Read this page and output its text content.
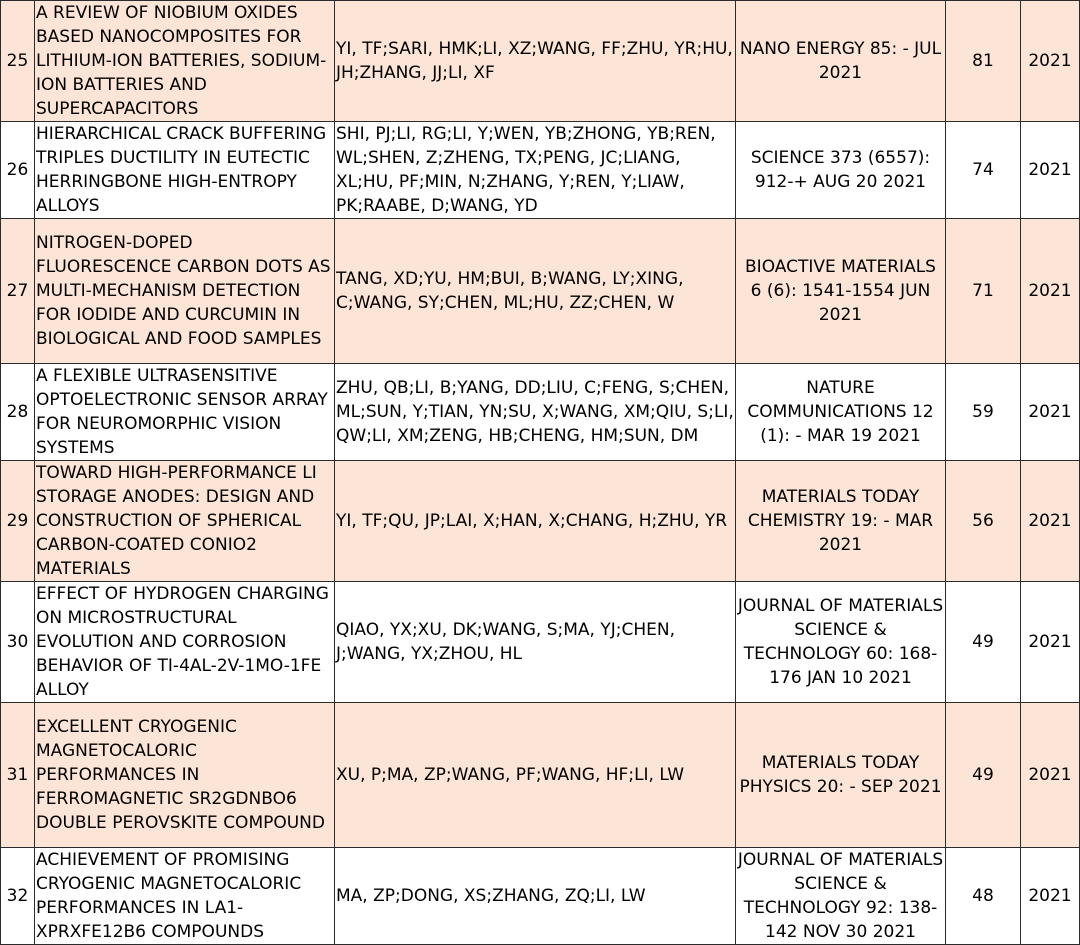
25	A REVIEW OF NIOBIUM OXIDES BASED NANOCOMPOSITES FOR LITHIUM-ION BATTERIES, SODIUM-ION BATTERIES AND SUPERCAPACITORS	YI, TF;SARI, HMK;LI, XZ;WANG, FF;ZHU, YR;HU, JH;ZHANG, JJ;LI, XF	NANO ENERGY 85: - JUL 2021	81	2021
26	HIERARCHICAL CRACK BUFFERING TRIPLES DUCTILITY IN EUTECTIC HERRINGBONE HIGH-ENTROPY ALLOYS	SHI, PJ;LI, RG;LI, Y;WEN, YB;ZHONG, YB;REN, WL;SHEN, Z;ZHENG, TX;PENG, JC;LIANG, XL;HU, PF;MIN, N;ZHANG, Y;REN, Y;LIAW, PK;RAABE, D;WANG, YD	SCIENCE 373 (6557): 912-+ AUG 20 2021	74	2021
27	NITROGEN-DOPED FLUORESCENCE CARBON DOTS AS MULTI-MECHANISM DETECTION FOR IODIDE AND CURCUMIN IN BIOLOGICAL AND FOOD SAMPLES	TANG, XD;YU, HM;BUI, B;WANG, LY;XING, C;WANG, SY;CHEN, ML;HU, ZZ;CHEN, W	BIOACTIVE MATERIALS 6 (6): 1541-1554 JUN 2021	71	2021
28	A FLEXIBLE ULTRASENSITIVE OPTOELECTRONIC SENSOR ARRAY FOR NEUROMORPHIC VISION SYSTEMS	ZHU, QB;LI, B;YANG, DD;LIU, C;FENG, S;CHEN, ML;SUN, Y;TIAN, YN;SU, X;WANG, XM;QIU, S;LI, QW;LI, XM;ZENG, HB;CHENG, HM;SUN, DM	NATURE COMMUNICATIONS 12 (1): - MAR 19 2021	59	2021
29	TOWARD HIGH-PERFORMANCE LI STORAGE ANODES: DESIGN AND CONSTRUCTION OF SPHERICAL CARBON-COATED CONIO2 MATERIALS	YI, TF;QU, JP;LAI, X;HAN, X;CHANG, H;ZHU, YR	MATERIALS TODAY CHEMISTRY 19: - MAR 2021	56	2021
30	EFFECT OF HYDROGEN CHARGING ON MICROSTRUCTURAL EVOLUTION AND CORROSION BEHAVIOR OF TI-4AL-2V-1MO-1FE ALLOY	QIAO, YX;XU, DK;WANG, S;MA, YJ;CHEN, J;WANG, YX;ZHOU, HL	JOURNAL OF MATERIALS SCIENCE & TECHNOLOGY 60: 168-176 JAN 10 2021	49	2021
31	EXCELLENT CRYOGENIC MAGNETOCALORIC PERFORMANCES IN FERROMAGNETIC SR2GDNBO6 DOUBLE PEROVSKITE COMPOUND	XU, P;MA, ZP;WANG, PF;WANG, HF;LI, LW	MATERIALS TODAY PHYSICS 20: - SEP 2021	49	2021
32	ACHIEVEMENT OF PROMISING CRYOGENIC MAGNETOCALORIC PERFORMANCES IN LA1-XPRXFE12B6 COMPOUNDS	MA, ZP;DONG, XS;ZHANG, ZQ;LI, LW	JOURNAL OF MATERIALS SCIENCE & TECHNOLOGY 92: 138-142 NOV 30 2021	48	2021
